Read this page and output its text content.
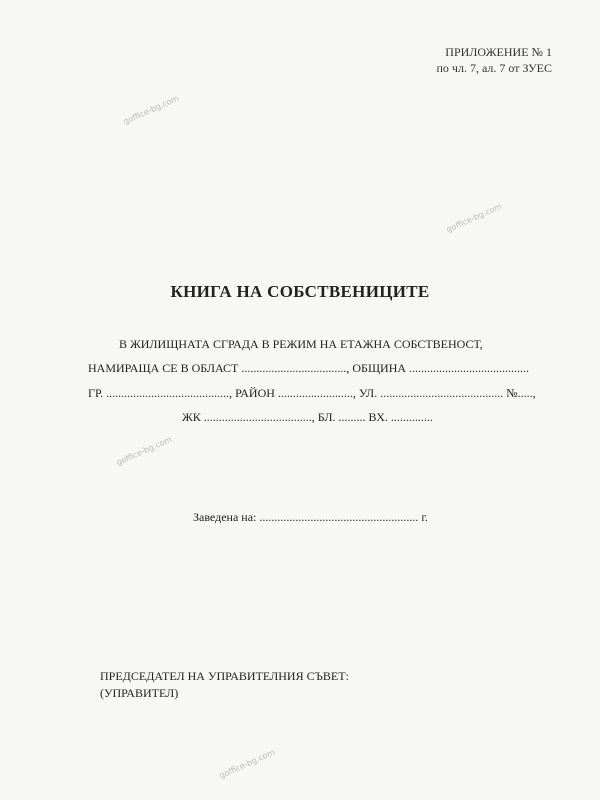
ПРИЛОЖЕНИЕ № 1
по чл. 7, ал. 7 от ЗУЕС
goffice-bg.com
goffice-bg.com
goffice-bg.com
goffice-bg.com
КНИГА НА СОБСТВЕНИЦИТЕ
В ЖИЛИЩНАТА СГРАДА В РЕЖИМ НА ЕТАЖНА СОБСТВЕНОСТ,
НАМИРАЩА СЕ В ОБЛАСТ ..................................., ОБЩИНА ........................................
ГР. ........................................., РАЙОН ........................., УЛ. ......................................... №.....,
ЖК ...................................., БЛ. ......... ВХ. ..............
Заведена на: ..................................................... г.
ПРЕДСЕДАТЕЛ НА УПРАВИТЕЛНИЯ СЪВЕТ:
(УПРАВИТЕЛ)
